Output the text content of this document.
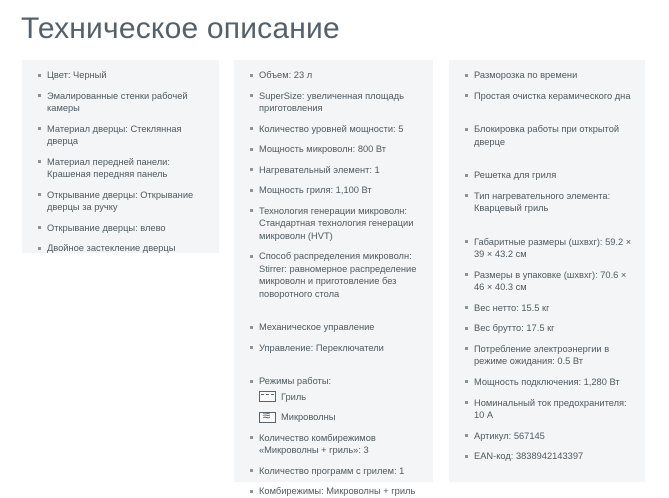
Техническое описание
Цвет: Черный
Эмалированные стенки рабочей камеры
Материал дверцы: Стеклянная дверца
Материал передней панели: Крашеная передняя панель
Открывание дверцы: Открывание дверцы за ручку
Открывание дверцы: влево
Двойное застекление дверцы
Объем: 23 л
SuperSize: увеличенная площадь приготовления
Количество уровней мощности: 5
Мощность микроволн: 800 Вт
Нагревательный элемент: 1
Мощность гриля: 1,100 Вт
Технология генерации микроволн: Стандартная технология генерации микроволн (HVT)
Способ распределения микроволн: Stirrer: равномерное распределение микроволн и приготовление без поворотного стола
Механическое управление
Управление: Переключатели
Режимы работы:
Гриль
≋
Микроволны
Количество комбирежимов «Микроволны + гриль»: 3
Количество программ с грилем: 1
Комбирежимы: Микроволны + гриль
Разморозка по времени
Простая очистка керамического дна
Блокировка работы при открытой дверце
Решетка для гриля
Тип нагревательного элемента: Кварцевый гриль
Габаритные размеры (шхвхг): 59.2 × 39 × 43.2 см
Размеры в упаковке (шхвхг): 70.6 × 46 × 40.3 см
Вес нетто: 15.5 кг
Вес брутто: 17.5 кг
Потребление электроэнергии в режиме ожидания: 0.5 Вт
Мощность подключения: 1,280 Вт
Номинальный ток предохранителя: 10 А
Артикул: 567145
EAN-код: 3838942143397
